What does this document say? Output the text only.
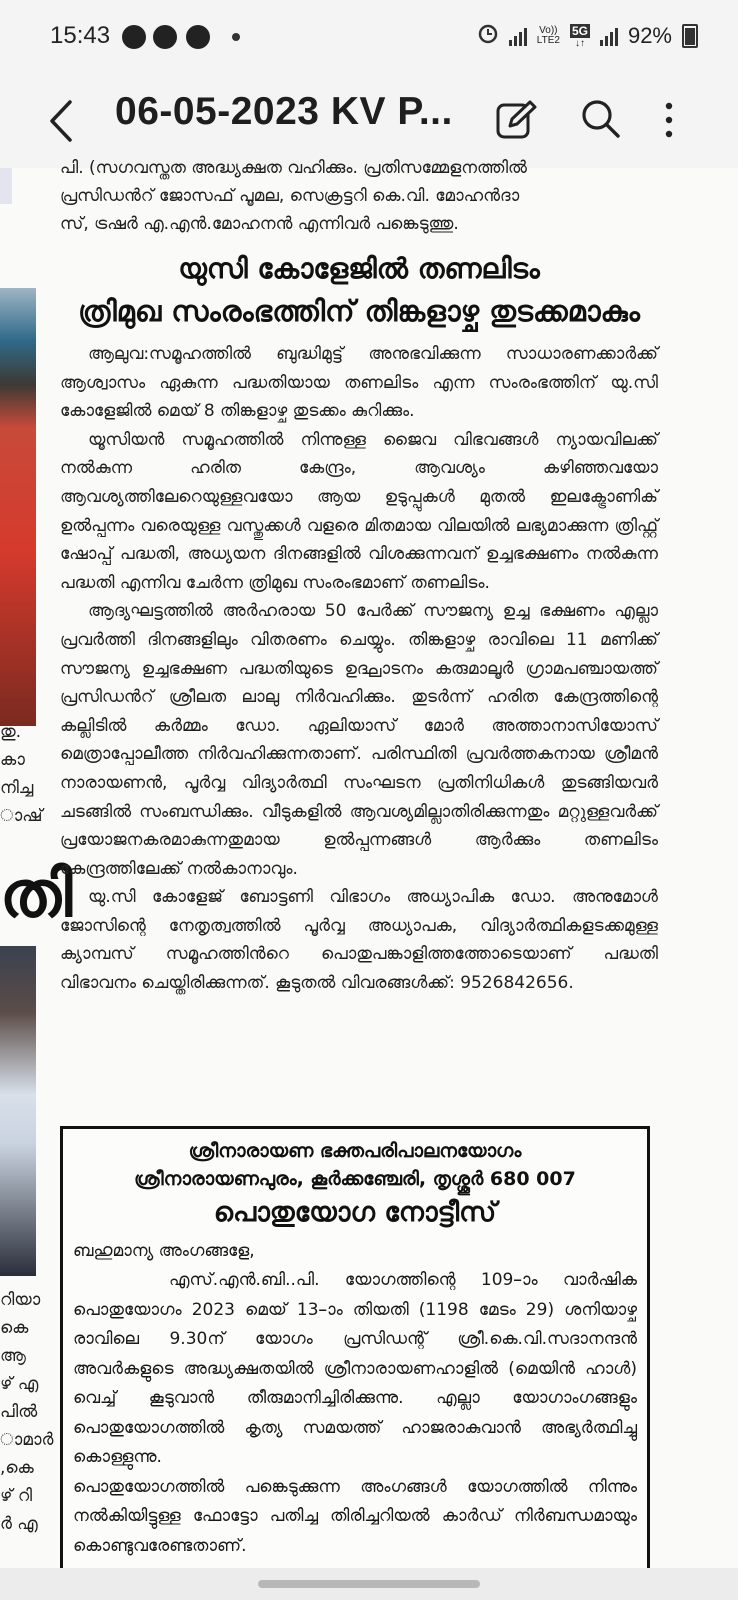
15:43	Vo))
LTE2
5G
↓↑ 92%
06-05-2023 KV P...
തു.
കാ
നിച്ച
ാഷ്
തി
റിയാ
കെ
ആ
ഴ്‌ എ
പിൽ
ാമാർ
,കെ
ഴ്‌ റി
ർ എ
പി. (സഗവസ്തത അദ്ധ്യക്ഷത വഹിക്കും. പ്രതിസമ്മേളനത്തിൽ
പ്രസിഡൻറ് ജോസഫ് പൂമല, സെക്രട്ടറി കെ.വി. മോഹൻദാ
സ്, ട്രഷർ എ.എൻ.മോഹനൻ എന്നിവർ പങ്കെടുത്തു.
യുസി കോളേജിൽ തണലിടം
ത്രിമുഖ സംരംഭത്തിന് തിങ്കളാഴ്ച തുടക്കമാകും

ആലുവ:സമൂഹത്തിൽ ബുദ്ധിമുട്ട് അനുഭവിക്കുന്ന സാധാരണക്കാർക്ക് ആശ്വാസം ഏകുന്ന പദ്ധതിയായ തണലിടം എന്ന സംരംഭത്തിന് യു.സി കോളേജിൽ മെയ് 8 തിങ്കളാഴ്ച തുടക്കം കുറിക്കും.

യൂസിയൻ സമൂഹത്തിൽ നിന്നുള്ള ജൈവ വിഭവങ്ങൾ ന്യായവിലക്ക് നൽകുന്ന ഹരിത കേന്ദ്രം, ആവശ്യം കഴിഞ്ഞവയോ ആവശ്യത്തിലേറെയുള്ളവയോ ആയ ഉടുപ്പുകൾ മുതൽ ഇലക്ട്രോണിക് ഉൽപ്പന്നം വരെയുള്ള വസ്തുക്കൾ വളരെ മിതമായ വിലയിൽ ലഭ്യമാക്കുന്ന ത്രിഫ്റ്റ് ഷോപ്പ് പദ്ധതി, അധ്യയന ദിനങ്ങളിൽ വിശക്കുന്നവന് ഉച്ചഭക്ഷണം നൽകുന്ന പദ്ധതി എന്നിവ ചേർന്ന ത്രിമുഖ സംരംഭമാണ് തണലിടം.

ആദ്യഘട്ടത്തിൽ അർഹരായ 50 പേർക്ക് സൗജന്യ ഉച്ച ഭക്ഷണം എല്ലാ പ്രവർത്തി ദിനങ്ങളിലും വിതരണം ചെയ്യും. തിങ്കളാഴ്ച രാവിലെ 11 മണിക്ക് സൗജന്യ ഉച്ചഭക്ഷണ പദ്ധതിയുടെ ഉദ്ഘാടനം കരുമാലൂർ ഗ്രാമപഞ്ചായത്ത് പ്രസിഡൻറ് ശ്രീലത ലാലു നിർവഹിക്കും. തുടർന്ന് ഹരിത കേന്ദ്രത്തിന്റെ കല്ലിടിൽ കർമ്മം ഡോ. ഏലിയാസ് മോർ അത്താനാസിയോസ് മെത്രാപ്പോലീത്ത നിർവഹിക്കുന്നതാണ്. പരിസ്ഥിതി പ്രവർത്തകനായ ശ്രീമൻ നാരായണൻ, പൂർവ്വ വിദ്യാർത്ഥി സംഘടന പ്രതിനിധികൾ തുടങ്ങിയവർ ചടങ്ങിൽ സംബന്ധിക്കും. വീടുകളിൽ ആവശ്യമില്ലാതിരിക്കുന്നതും മറ്റുള്ളവർക്ക് പ്രയോജനകരമാകുന്നതുമായ ഉൽപ്പന്നങ്ങൾ ആർക്കും തണലിടം കേന്ദ്രത്തിലേക്ക് നൽകാനാവും.

യു.സി കോളേജ് ബോട്ടണി വിഭാഗം അധ്യാപിക ഡോ. അനുമോൾ ജോസിന്റെ നേതൃത്വത്തിൽ പൂർവ്വ അധ്യാപക, വിദ്യാർത്ഥികളടക്കമുള്ള ക്യാമ്പസ് സമൂഹത്തിൻറെ പൊതുപങ്കാളിത്തത്തോടെയാണ് പദ്ധതി വിഭാവനം ചെയ്തിരിക്കുന്നത്. കൂടുതൽ വിവരങ്ങൾക്ക്: 9526842656.

ശ്രീനാരായണ ഭക്തപരിപാലനയോഗം
ശ്രീനാരായണപുരം, കൂർക്കഞ്ചേരി, തൃശ്ശൂർ 680 007
പൊതുയോഗ നോട്ടീസ്
ബഹുമാന്യ അംഗങ്ങളേ,

എസ്.എൻ.ബി..പി. യോഗത്തിന്റെ 109–ാം വാർഷിക പൊതുയോഗം 2023 മെയ് 13–ാം തിയതി (1198 മേടം 29) ശനിയാഴ്ച രാവിലെ 9.30ന് യോഗം പ്രസിഡന്റ് ശ്രീ.കെ.വി.സദാനന്ദൻ അവർകളുടെ അദ്ധ്യക്ഷതയിൽ ശ്രീനാരായണഹാളിൽ (മെയിൻ ഹാൾ) വെച്ച് കൂടുവാൻ തീരുമാനിച്ചിരിക്കുന്നു. എല്ലാ യോഗാംഗങ്ങളും പൊതുയോഗത്തിൽ കൃത്യ സമയത്ത് ഹാജരാകുവാൻ അഭ്യർത്ഥിച്ചു കൊള്ളുന്നു.

പൊതുയോഗത്തിൽ പങ്കെടുക്കുന്ന അംഗങ്ങൾ യോഗത്തിൽ നിന്നും നൽകിയിട്ടുള്ള ഫോട്ടോ പതിച്ച തിരിച്ചറിയൽ കാർഡ് നിർബന്ധമായും കൊണ്ടുവരേണ്ടതാണ്.
